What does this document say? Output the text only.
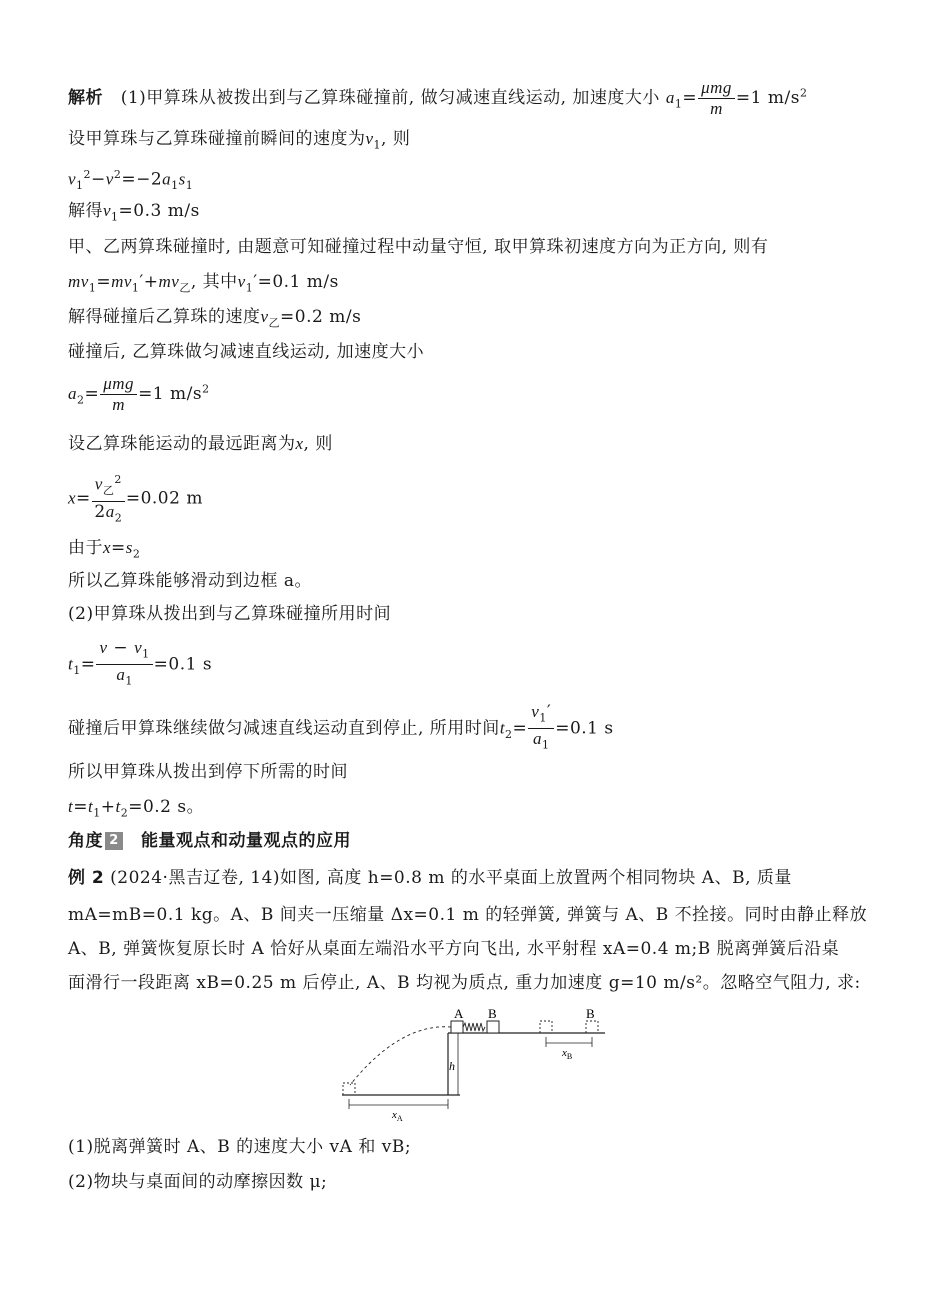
解析 (1)甲算珠从被拨出到与乙算珠碰撞前, 做匀减速直线运动, 加速度大小 $a_1= \frac{\text{μmg}}{m} =1$ $m/s^2$
设甲算珠与乙算珠碰撞前瞬间的速度为$v_1$, 则
$v_1^2-v^2=-2a_1s_1$
解得$v_1=0.3$ m/s
甲、乙两算珠碰撞时, 由题意可知碰撞过程中动量守恒, 取甲算珠初速度方向为正方向, 则有
$mv_1=mv_1'+mv_乙$, 其中$v_1'=0.1$ m/s
解得碰撞后乙算珠的速度$v_乙=0.2$ m/s
碰撞后, 乙算珠做匀减速直线运动, 加速度大小
$a_2= \frac{\text{μmg}}{m} =1$ $m/s^2$
设乙算珠能运动的最远距离为x, 则
$x= \frac{v_乙^2}{2a_2} =0.02$ m
由于$x=s_2$
所以乙算珠能够滑动到边框 a。
(2)甲算珠从拨出到与乙算珠碰撞所用时间
$t_1= \frac{v - v_1}{a_1} =0.1$ s
碰撞后甲算珠继续做匀减速直线运动直到停止, 所用时间$t_2= \frac{v_1'}{a_1} =0.1$ s
所以甲算珠从拨出到停下所需的时间
$t=t_1+t_2=0.2$ s。
角度 2 能量观点和动量观点的应用
例 2 (2024·黑吉辽卷, 14)如图, 高度 h=0.8 m 的水平桌面上放置两个相同物块 A、B, 质量
mA=mB=0.1 kg。A、B 间夹一压缩量 Δx=0.1 m 的轻弹簧, 弹簧与 A、B 不拴接。同时由静止释放
A、B, 弹簧恢复原长时 A 恰好从桌面左端沿水平方向飞出, 水平射程 xA=0.4 m;B 脱离弹簧后沿桌
面滑行一段距离 xB=0.25 m 后停止, A、B 均视为质点, 重力加速度 g=10 m/s²。忽略空气阻力, 求:
h
A B	B
$x_B$
$x_A$
(1)脱离弹簧时 A、B 的速度大小 vA 和 vB;
(2)物块与桌面间的动摩擦因数 μ;
